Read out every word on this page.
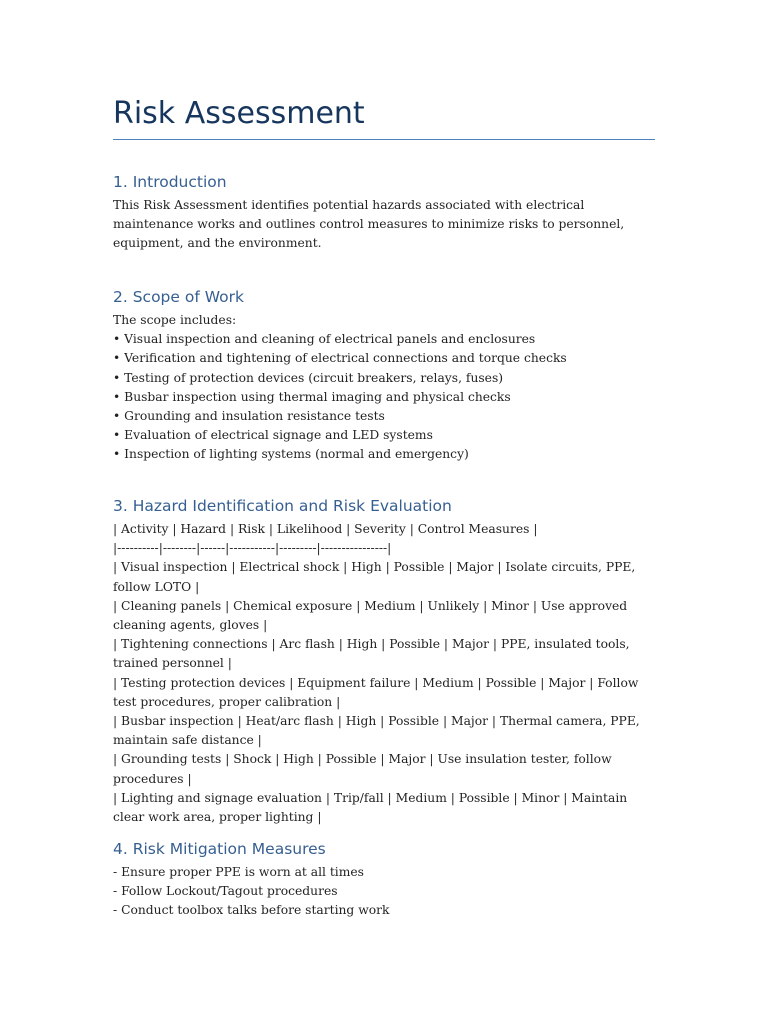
Risk Assessment
1. Introduction

This Risk Assessment identifies potential hazards associated with electrical maintenance works and outlines control measures to minimize risks to personnel, equipment, and the environment.

2. Scope of Work
The scope includes:
• Visual inspection and cleaning of electrical panels and enclosures
• Verification and tightening of electrical connections and torque checks
• Testing of protection devices (circuit breakers, relays, fuses)
• Busbar inspection using thermal imaging and physical checks
• Grounding and insulation resistance tests
• Evaluation of electrical signage and LED systems
• Inspection of lighting systems (normal and emergency)
3. Hazard Identification and Risk Evaluation
| Activity | Hazard | Risk | Likelihood | Severity | Control Measures |
|----------|--------|------|-----------|---------|----------------|

| Visual inspection | Electrical shock | High | Possible | Major | Isolate circuits, PPE, follow LOTO |

| Cleaning panels | Chemical exposure | Medium | Unlikely | Minor | Use approved cleaning agents, gloves |

| Tightening connections | Arc flash | High | Possible | Major | PPE, insulated tools, trained personnel |

| Testing protection devices | Equipment failure | Medium | Possible | Major | Follow test procedures, proper calibration |

| Busbar inspection | Heat/arc flash | High | Possible | Major | Thermal camera, PPE, maintain safe distance |

| Grounding tests | Shock | High | Possible | Major | Use insulation tester, follow procedures |

| Lighting and signage evaluation | Trip/fall | Medium | Possible | Minor | Maintain clear work area, proper lighting |

4. Risk Mitigation Measures
- Ensure proper PPE is worn at all times
- Follow Lockout/Tagout procedures
- Conduct toolbox talks before starting work
